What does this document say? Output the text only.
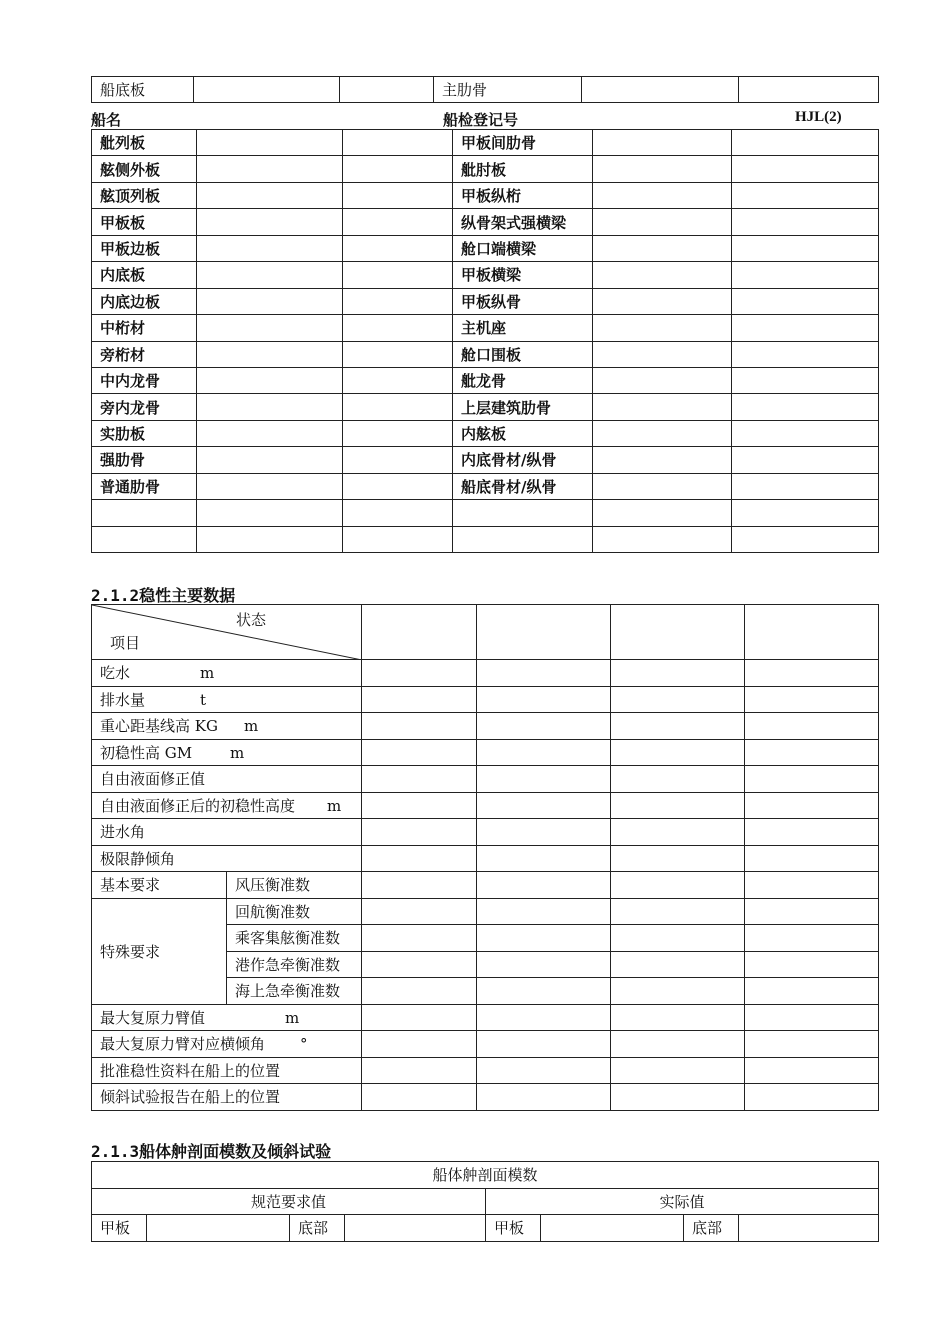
船底板			主肋骨		
船名	船检登记号	HJL(2)
舭列板			甲板间肋骨		
舷侧外板			舭肘板		
舷顶列板			甲板纵桁		
甲板板			纵骨架式强横梁		
甲板边板			舱口端横梁		
内底板			甲板横梁		
内底边板			甲板纵骨		
中桁材			主机座		
旁桁材			舱口围板		
中内龙骨			舭龙骨		
旁内龙骨			上层建筑肋骨		
实肋板			内舷板		
强肋骨			内底骨材/纵骨		
普通肋骨			船底骨材/纵骨		

2.1.2稳性主要数据
状态
项目					

吃水 m					
排水量 t					
重心距基线高 KG m					
初稳性高 GM m					
自由液面修正值					
自由液面修正后的初稳性高度 m					
进水角					
极限静倾角					
基本要求	风压衡准数				
特殊要求	回航衡准数				
	乘客集舷衡准数				
	港作急牵衡准数				
	海上急牵衡准数				
最大复原力臂值 m					
最大复原力臂对应横倾角 °					
批准稳性资料在船上的位置					
倾斜试验报告在船上的位置					
2.1.3船体舯剖面模数及倾斜试验
船体舯剖面模数							
规范要求值				实际值			
甲板		底部		甲板		底部	
